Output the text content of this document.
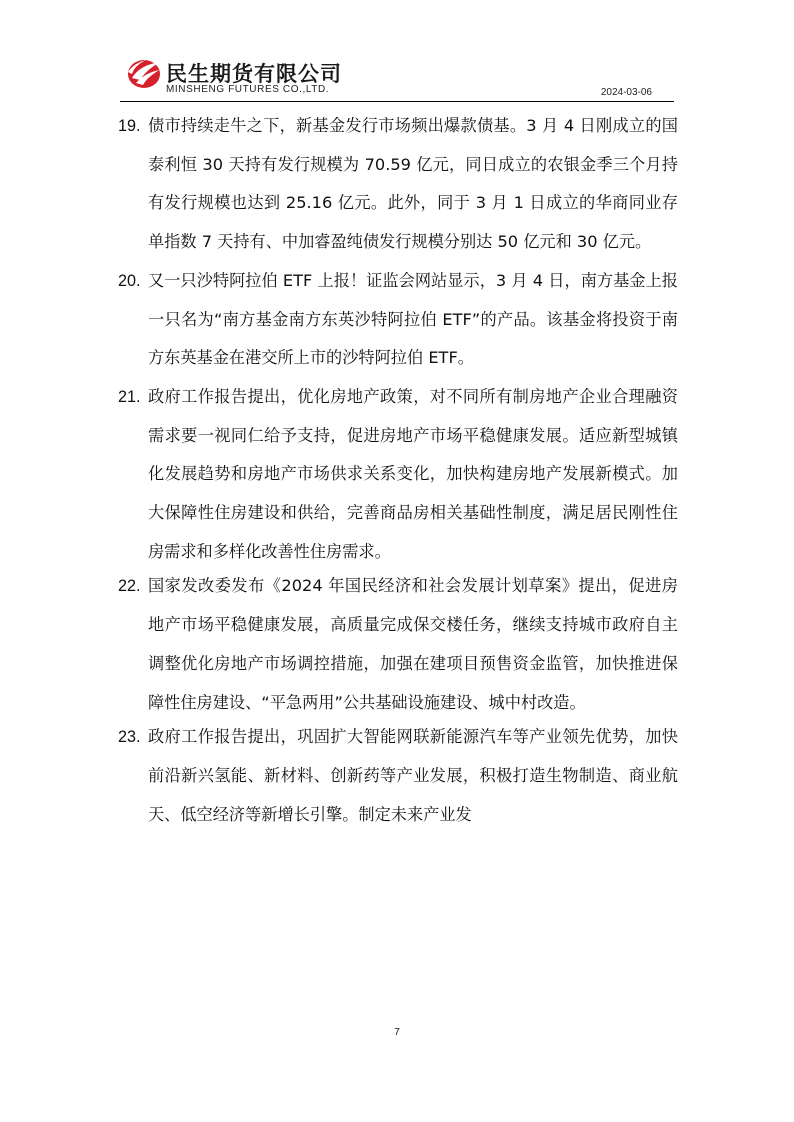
民生期货有限公司
MINSHENG FUTURES CO.,LTD.	2024-03-06
19. 债市持续走牛之下，新基金发行市场频出爆款债基。3 月 4 日刚成立的国泰利恒 30 天持有发行规模为 70.59 亿元，同日成立的农银金季三个月持有发行规模也达到 25.16 亿元。此外，同于 3 月 1 日成立的华商同业存单指数 7 天持有、中加睿盈纯债发行规模分别达 50 亿元和 30 亿元。
20. 又一只沙特阿拉伯 ETF 上报！证监会网站显示，3 月 4 日，南方基金上报一只名为“南方基金南方东英沙特阿拉伯 ETF”的产品。该基金将投资于南方东英基金在港交所上市的沙特阿拉伯 ETF。
21. 政府工作报告提出，优化房地产政策，对不同所有制房地产企业合理融资需求要一视同仁给予支持，促进房地产市场平稳健康发展。适应新型城镇化发展趋势和房地产市场供求关系变化，加快构建房地产发展新模式。加大保障性住房建设和供给，完善商品房相关基础性制度，满足居民刚性住房需求和多样化改善性住房需求。
22. 国家发改委发布《2024 年国民经济和社会发展计划草案》提出，促进房地产市场平稳健康发展，高质量完成保交楼任务，继续支持城市政府自主调整优化房地产市场调控措施，加强在建项目预售资金监管，加快推进保障性住房建设、“平急两用”公共基础设施建设、城中村改造。
23. 政府工作报告提出，巩固扩大智能网联新能源汽车等产业领先优势，加快前沿新兴氢能、新材料、创新药等产业发展，积极打造生物制造、商业航天、低空经济等新增长引擎。制定未来产业发
7
